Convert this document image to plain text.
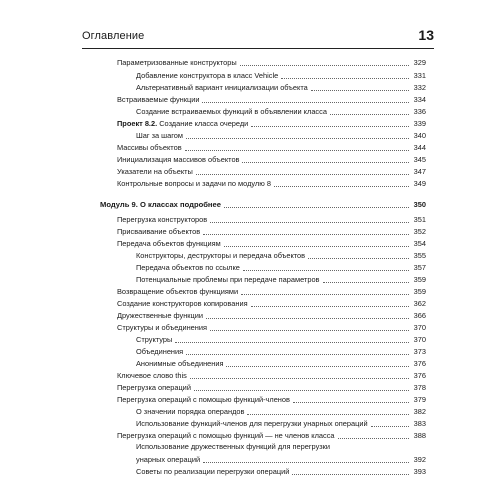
Оглавление	13
Параметризованные конструкторы	329
Добавление конструктора в класс Vehicle	331
Альтернативный вариант инициализации объекта	332
Встраиваемые функции	334
Создание встраиваемых функций в объявлении класса	336
Проект 8.2. Создание класса очереди	339
Шаг за шагом	340
Массивы объектов	344
Инициализация массивов объектов	345
Указатели на объекты	347
Контрольные вопросы и задачи по модулю 8	349
Модуль 9. О классах подробнее	350
Перегрузка конструкторов	351
Присваивание объектов	352
Передача объектов функциям	354
Конструкторы, деструкторы и передача объектов	355
Передача объектов по ссылке	357
Потенциальные проблемы при передаче параметров	359
Возвращение объектов функциями	359
Создание конструкторов копирования	362
Дружественные функции	366
Структуры и объединения	370
Структуры	370
Объединения	373
Анонимные объединения	376
Ключевое слово this	376
Перегрузка операций	378
Перегрузка операций с помощью функций-членов	379
О значении порядка операндов	382
Использование функций-членов для перегрузки унарных операций	383
Перегрузка операций с помощью функций — не членов класса	388
Использование дружественных функций для перегрузки
унарных операций	392
Советы по реализации перегрузки операций	393
